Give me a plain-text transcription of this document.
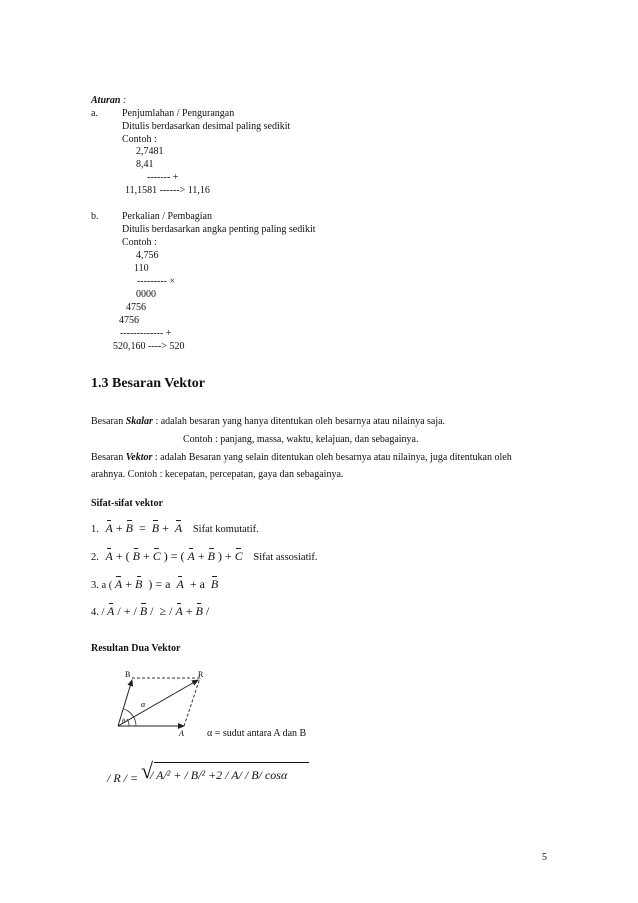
Aturan :
a. Penjumlahan / Pengurangan
Ditulis berdasarkan desimal paling sedikit
Contoh :
2,7481
8,41
------- +
11,1581 ------> 11,16
b. Perkalian / Pembagian
Ditulis berdasarkan angka penting paling sedikit
Contoh :
4,756
110
--------- ×
0000
4756
4756
------------- +
520,160 ----> 520
1.3 Besaran Vektor
Besaran Skalar : adalah besaran yang hanya ditentukan oleh besarnya atau nilainya saja.
Contoh : panjang, massa, waktu, kelajuan, dan sebagainya.
Besaran Vektor : adalah Besaran yang selain ditentukan oleh besarnya atau nilainya, juga ditentukan oleh
arahnya. Contoh : kecepatan, percepatan, gaya dan sebagainya.
Sifat-sifat vektor
1. A + B  =  B +  A Sifat komutatif.
2. A + ( B + C ) = ( A + B ) + C Sifat assosiatif.
3. a ( A + B  ) = a  A  + a  B
4. / A / + / B /  ≥ / A + B /
Resultan Dua Vektor
B	R
A
α
θ
α = sudut antara A dan B
/ R / = √
/ A/² + / B/² +2 / A/ / B/ cosα
5
